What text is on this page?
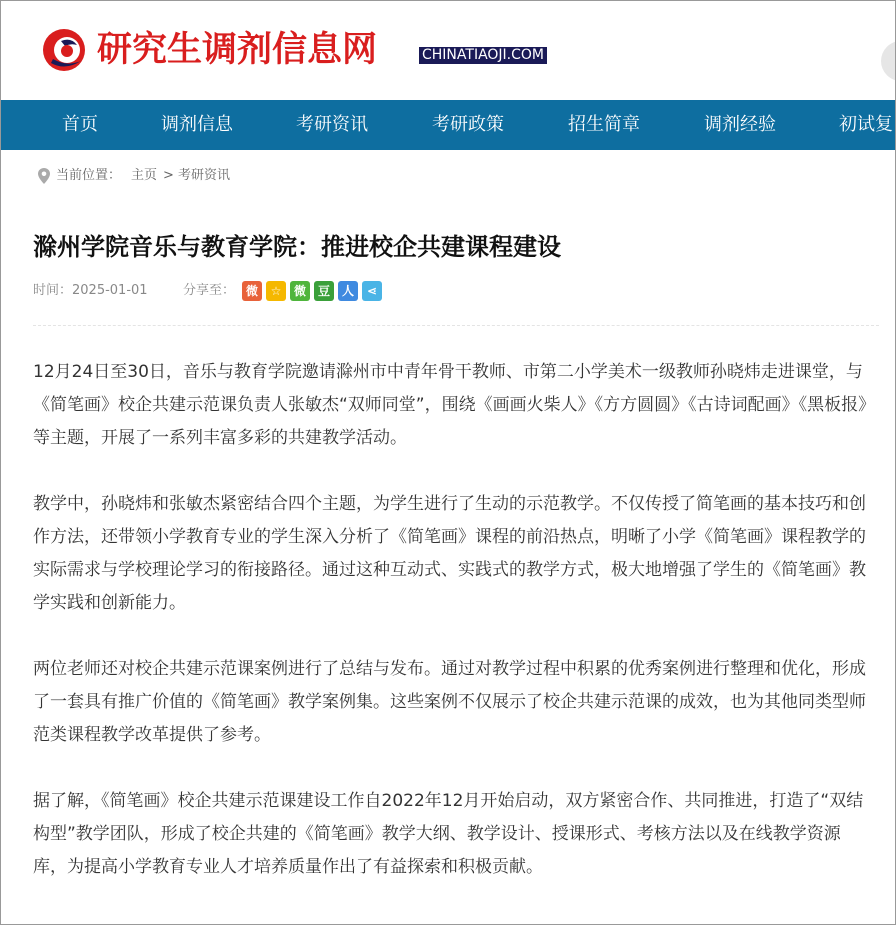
研究生调剂信息网	CHINATIAOJI.COM
首页	调剂信息	考研资讯	考研政策	招生简章	调剂经验	初试复
当前位置： 主页 > 考研资讯
滁州学院音乐与教育学院：推进校企共建课程建设
时间：2025-01-01	分享至： 微	☆	微 豆 人	⋖

12月24日至30日，音乐与教育学院邀请滁州市中青年骨干教师、市第二小学美术一级教师孙晓炜走进课堂，与《简笔画》校企共建示范课负责人张敏杰“双师同堂”，围绕《画画火柴人》《方方圆圆》《古诗词配画》《黑板报》等主题，开展了一系列丰富多彩的共建教学活动。

教学中，孙晓炜和张敏杰紧密结合四个主题，为学生进行了生动的示范教学。不仅传授了简笔画的基本技巧和创作方法，还带领小学教育专业的学生深入分析了《简笔画》课程的前沿热点，明晰了小学《简笔画》课程教学的实际需求与学校理论学习的衔接路径。通过这种互动式、实践式的教学方式，极大地增强了学生的《简笔画》教学实践和创新能力。

两位老师还对校企共建示范课案例进行了总结与发布。通过对教学过程中积累的优秀案例进行整理和优化，形成了一套具有推广价值的《简笔画》教学案例集。这些案例不仅展示了校企共建示范课的成效，也为其他同类型师范类课程教学改革提供了参考。

据了解，《简笔画》校企共建示范课建设工作自2022年12月开始启动，双方紧密合作、共同推进，打造了“双结构型”教学团队，形成了校企共建的《简笔画》教学大纲、教学设计、授课形式、考核方法以及在线教学资源库，为提高小学教育专业人才培养质量作出了有益探索和积极贡献。
